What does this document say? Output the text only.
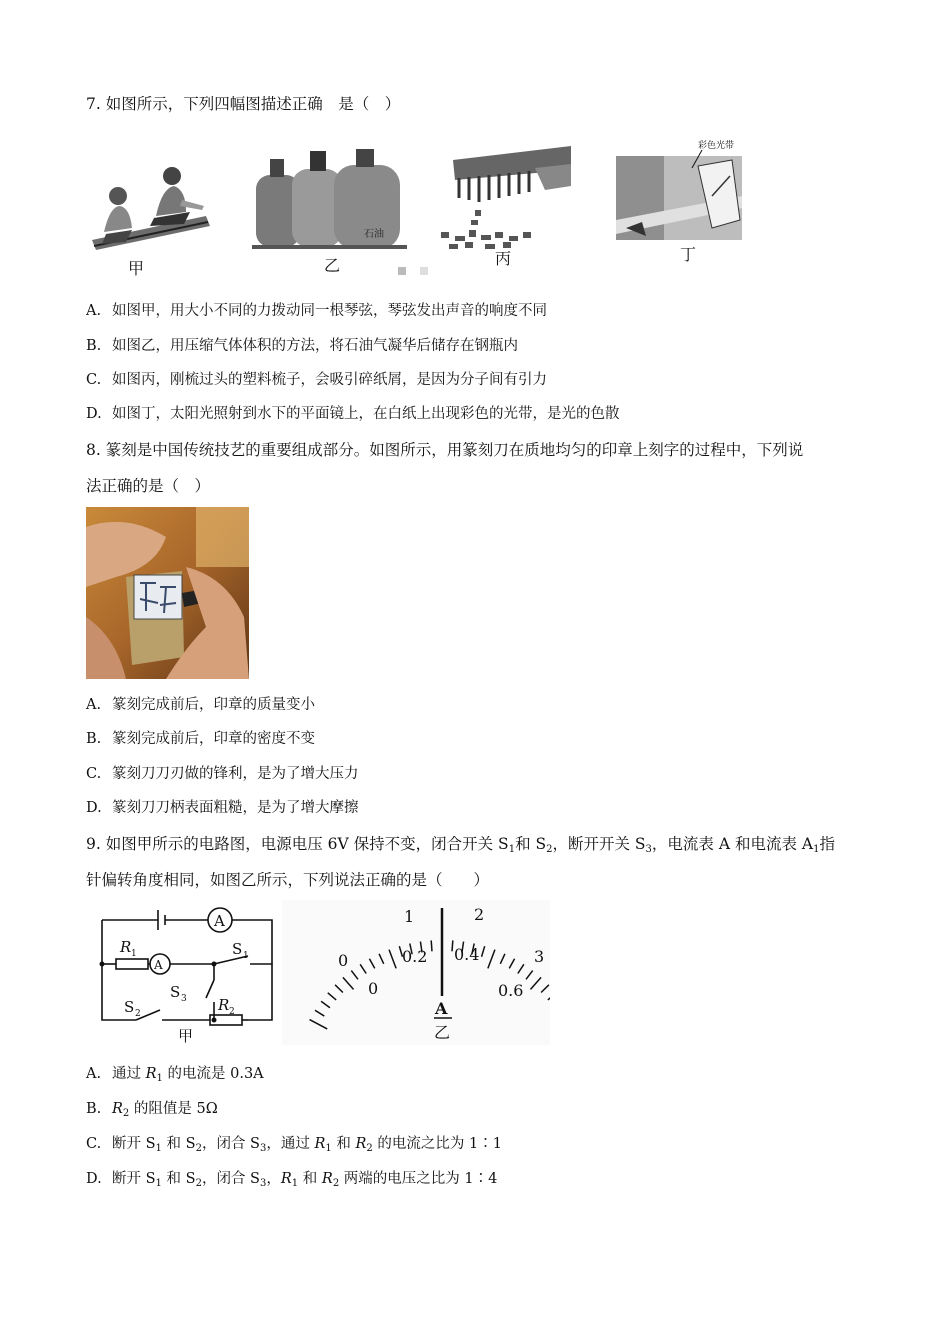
7. 如图所示，下列四幅图描述正确　是（　）
甲
石油
乙	丙
彩色光带
丁
A. 如图甲，用大小不同的力拨动同一根琴弦，琴弦发出声音的响度不同
B. 如图乙，用压缩气体体积的方法，将石油气凝华后储存在钢瓶内
C. 如图丙，刚梳过头的塑料梳子，会吸引碎纸屑，是因为分子间有引力
D. 如图丁，太阳光照射到水下的平面镜上，在白纸上出现彩色的光带，是光的色散
8. 篆刻是中国传统技艺的重要组成部分。如图所示，用篆刻刀在质地均匀的印章上刻字的过程中，下列说
法正确的是（　）
A. 篆刻完成前后，印章的质量变小
B. 篆刻完成前后，印章的密度不变
C. 篆刻刀刀刃做的锋利，是为了增大压力
D. 篆刻刀刀柄表面粗糙，是为了增大摩擦
9. 如图甲所示的电路图，电源电压 6V 保持不变，闭合开关 $S_1$和 $S_2$，断开开关 $S_3$，电流表 A 和电流表 $A_1$指
针偏转角度相同，如图乙所示，下列说法正确的是（　　）
A
A
R 1	S 1
S 3
S 2	R 2
甲
1	2
3
0
0
0.2 0.4
0.6
A
乙
A. 通过 $R_1$ 的电流是 0.3A
B. $R_2$ 的阻值是 5Ω
C. 断开 $S_1$ 和 $S_2$，闭合 $S_3$，通过 $R_1$ 和 $R_2$ 的电流之比为 1∶1
D. 断开 $S_1$ 和 $S_2$，闭合 $S_3$，$R_1$ 和 $R_2$ 两端的电压之比为 1∶4
